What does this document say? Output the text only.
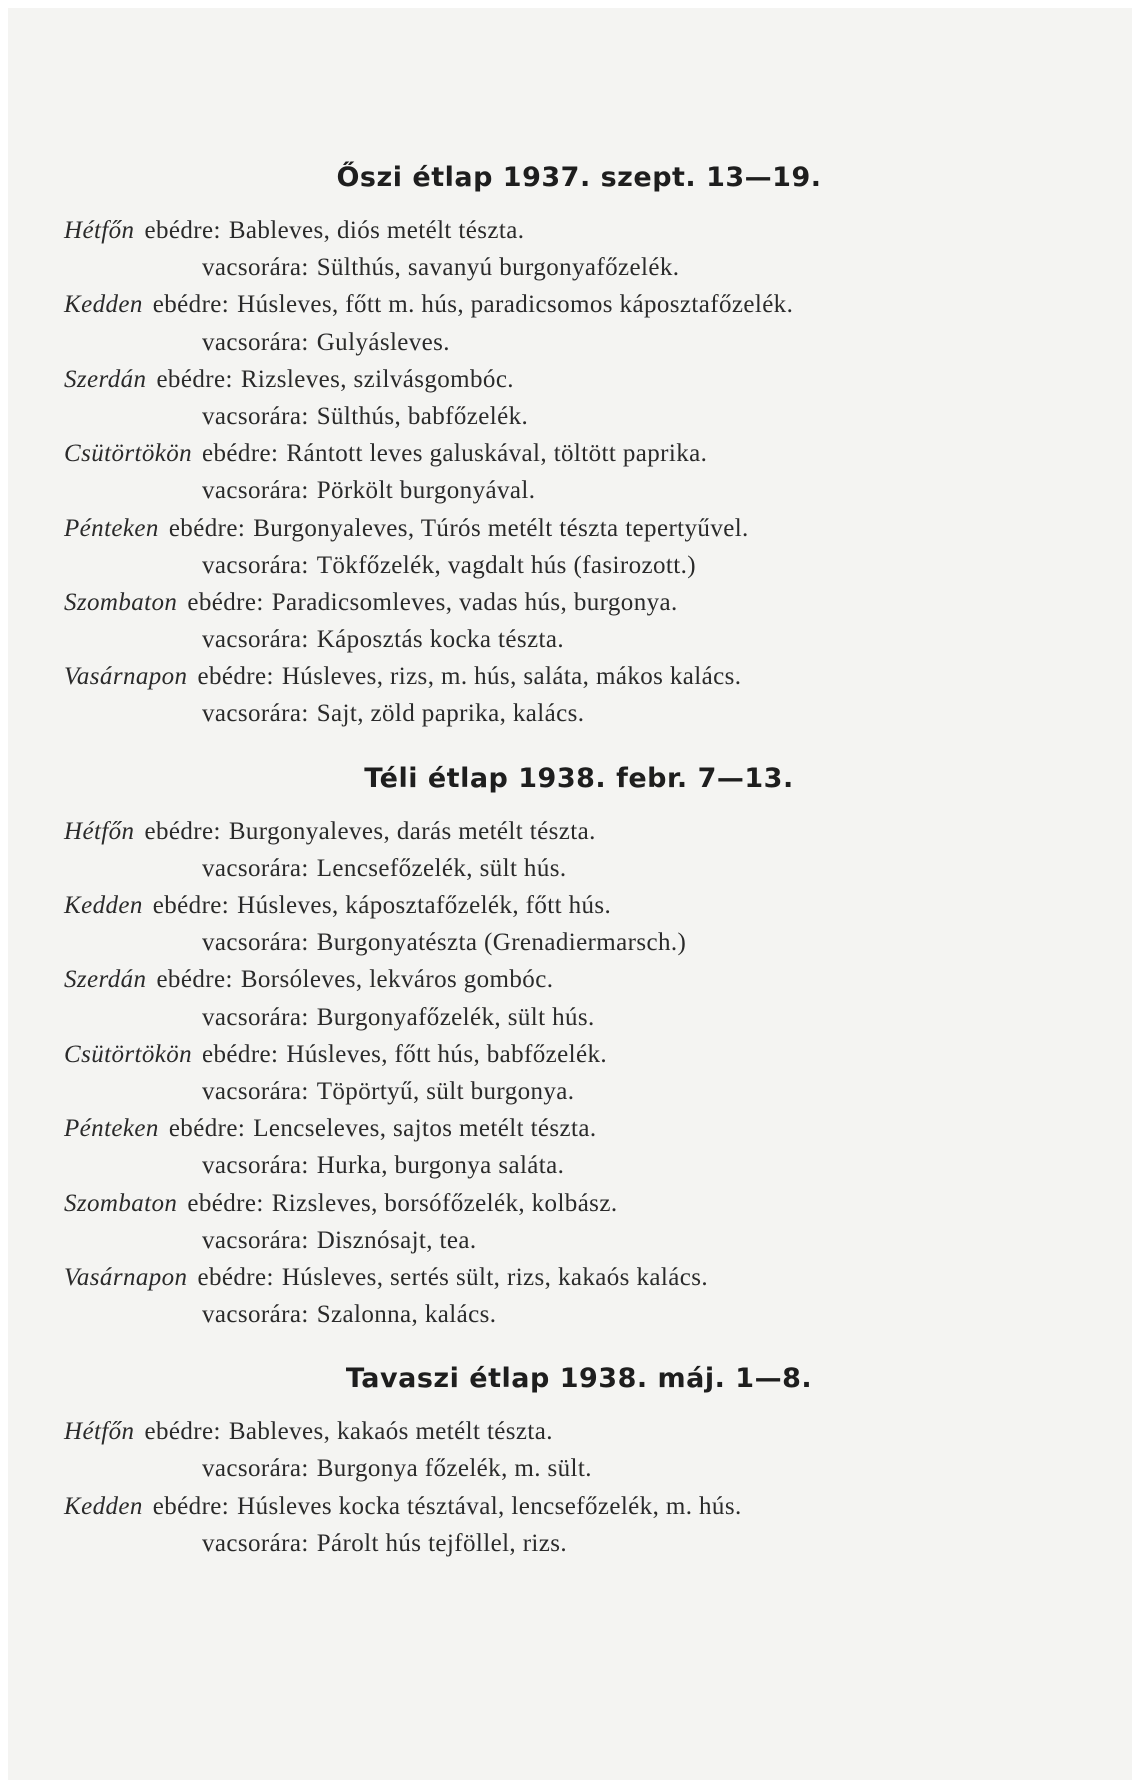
Őszi étlap 1937. szept. 13—19.
Hétfőn ebédre: Bableves, diós metélt tészta.
vacsorára: Sülthús, savanyú burgonyafőzelék.
Kedden ebédre: Húsleves, főtt m. hús, paradicsomos káposztafőzelék.
vacsorára: Gulyásleves.
Szerdán ebédre: Rizsleves, szilvásgombóc.
vacsorára: Sülthús, babfőzelék.
Csütörtökön ebédre: Rántott leves galuskával, töltött paprika.
vacsorára: Pörkölt burgonyával.
Pénteken ebédre: Burgonyaleves, Túrós metélt tészta tepertyűvel.
vacsorára: Tökfőzelék, vagdalt hús (fasirozott.)
Szombaton ebédre: Paradicsomleves, vadas hús, burgonya.
vacsorára: Káposztás kocka tészta.
Vasárnapon ebédre: Húsleves, rizs, m. hús, saláta, mákos kalács.
vacsorára: Sajt, zöld paprika, kalács.
Téli étlap 1938. febr. 7—13.
Hétfőn ebédre: Burgonyaleves, darás metélt tészta.
vacsorára: Lencsefőzelék, sült hús.
Kedden ebédre: Húsleves, káposztafőzelék, főtt hús.
vacsorára: Burgonyatészta (Grenadiermarsch.)
Szerdán ebédre: Borsóleves, lekváros gombóc.
vacsorára: Burgonyafőzelék, sült hús.
Csütörtökön ebédre: Húsleves, főtt hús, babfőzelék.
vacsorára: Töpörtyű, sült burgonya.
Pénteken ebédre: Lencseleves, sajtos metélt tészta.
vacsorára: Hurka, burgonya saláta.
Szombaton ebédre: Rizsleves, borsófőzelék, kolbász.
vacsorára: Disznósajt, tea.
Vasárnapon ebédre: Húsleves, sertés sült, rizs, kakaós kalács.
vacsorára: Szalonna, kalács.
Tavaszi étlap 1938. máj. 1—8.
Hétfőn ebédre: Bableves, kakaós metélt tészta.
vacsorára: Burgonya főzelék, m. sült.
Kedden ebédre: Húsleves kocka tésztával, lencsefőzelék, m. hús.
vacsorára: Párolt hús tejföllel, rizs.
